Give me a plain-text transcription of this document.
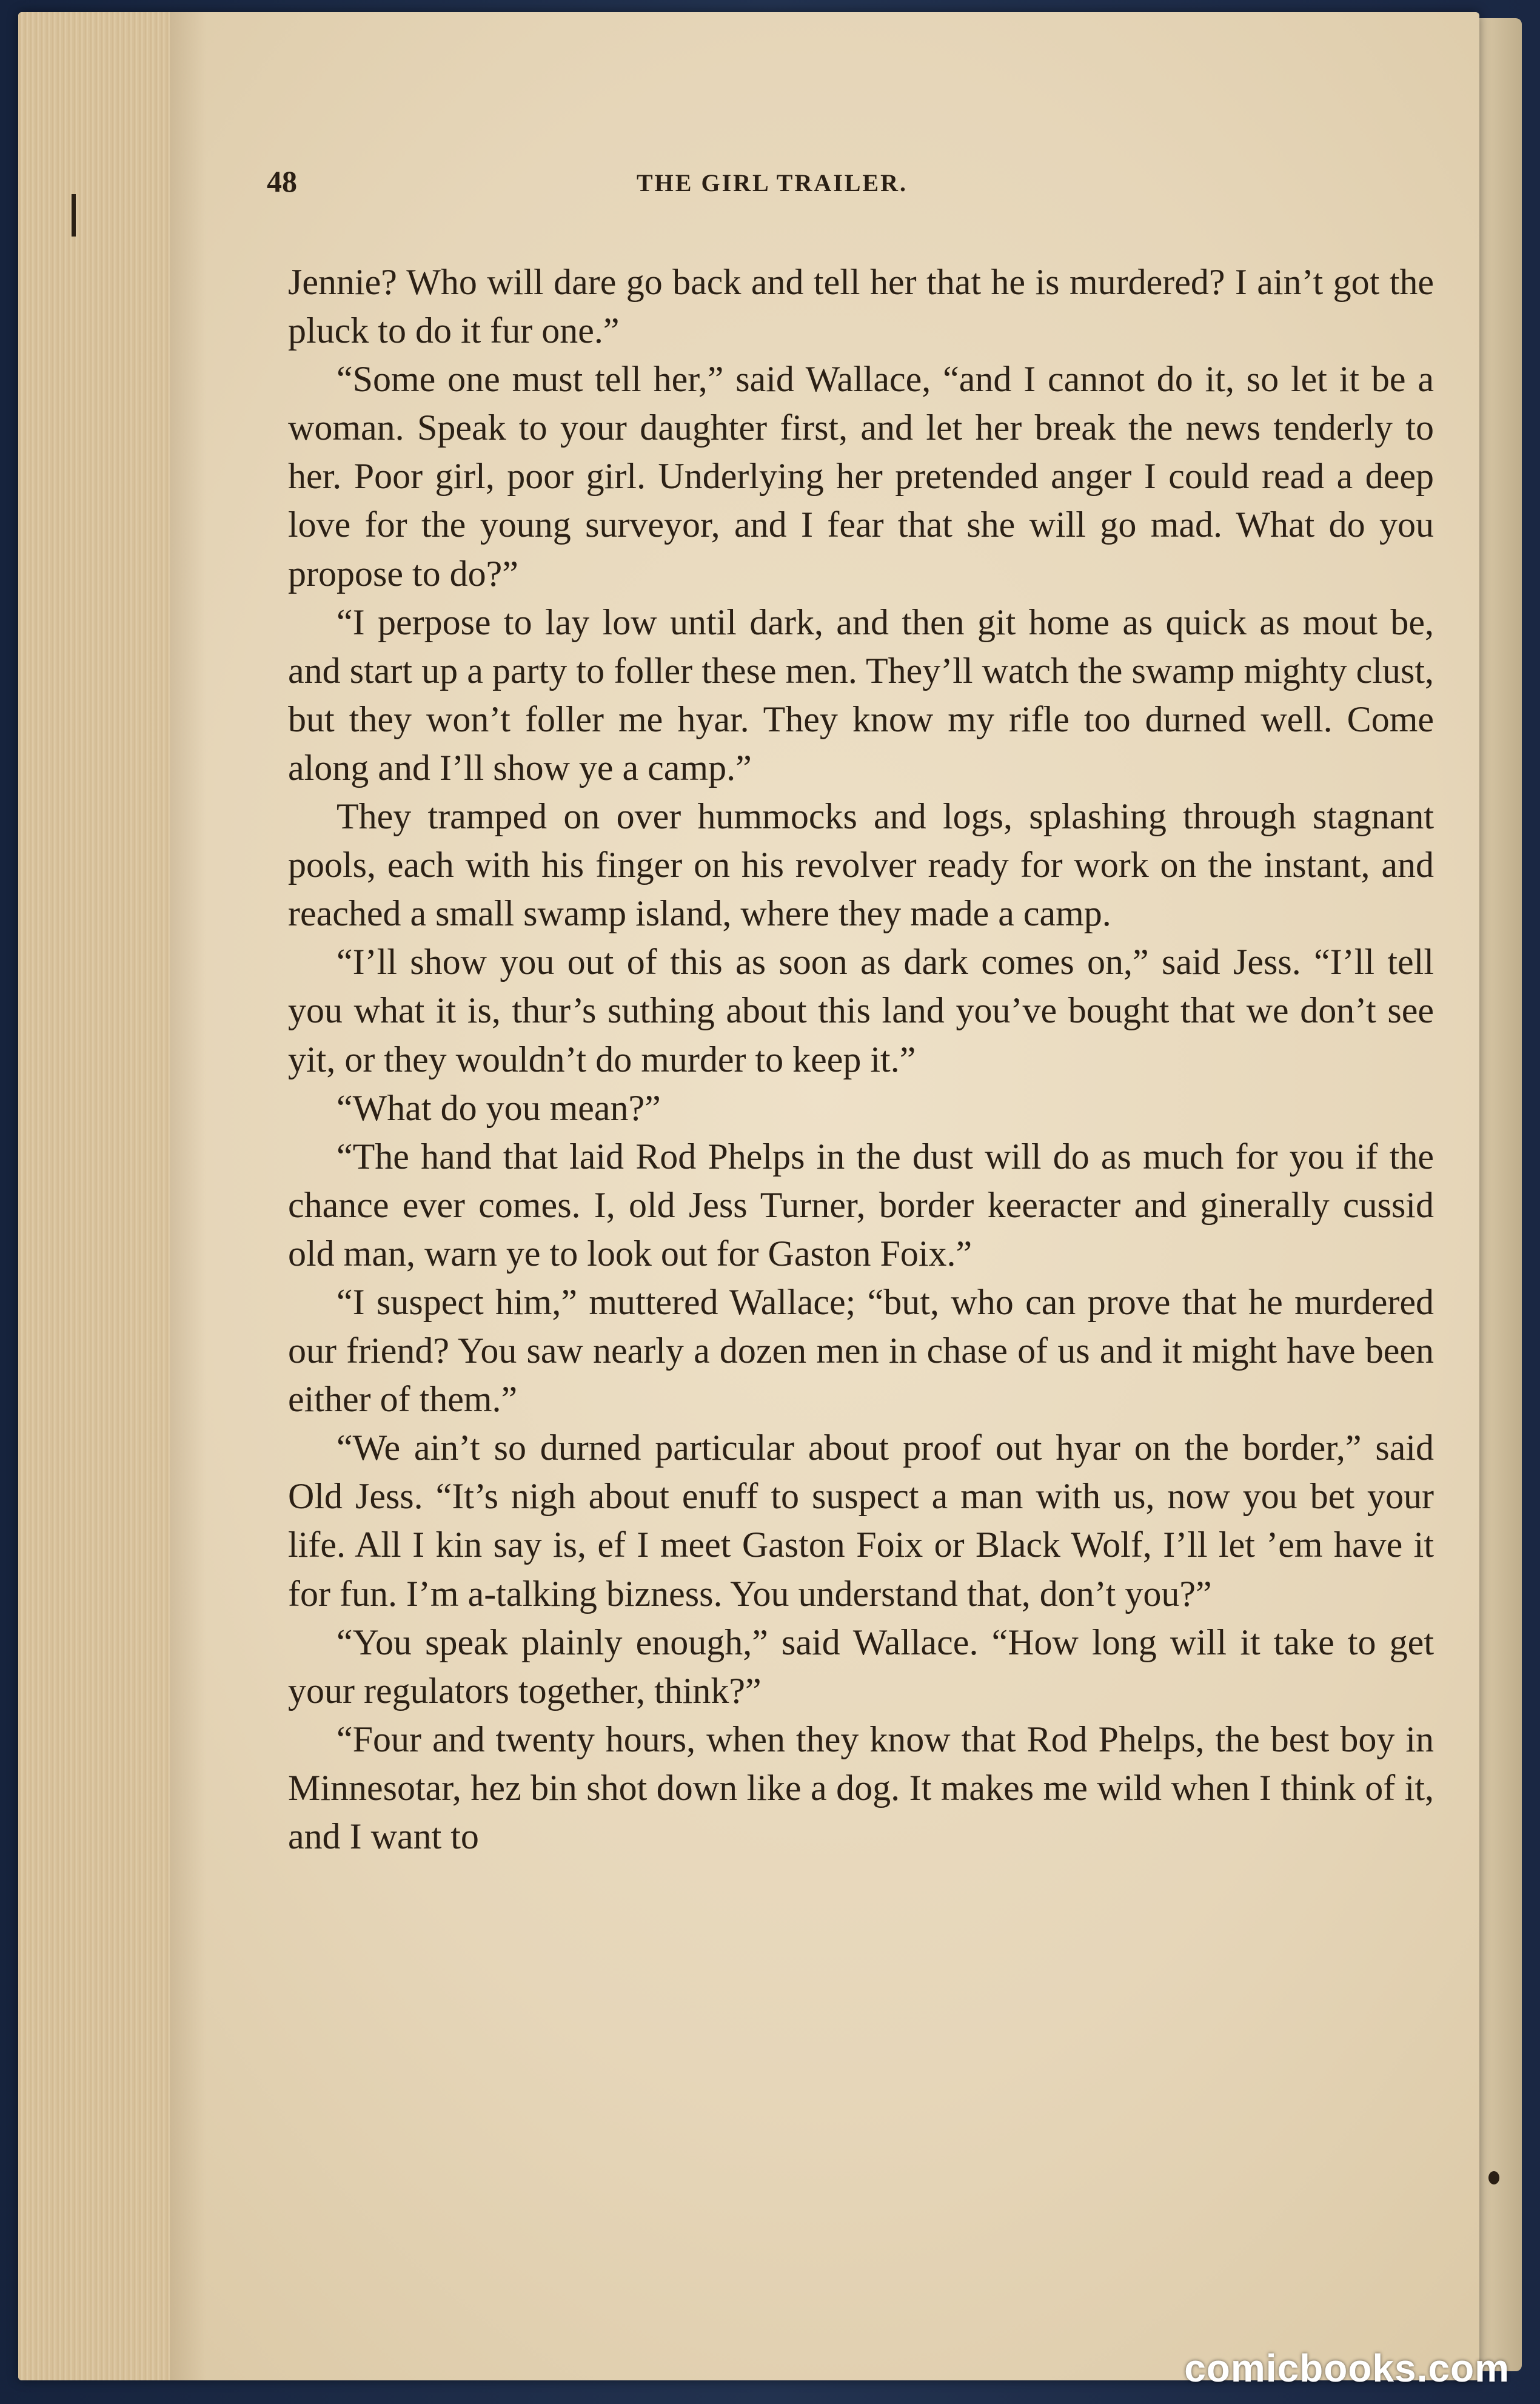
48	THE GIRL TRAILER.

Jennie? Who will dare go back and tell her that he is murdered? I ain’t got the pluck to do it fur one.”

“Some one must tell her,” said Wallace, “and I cannot do it, so let it be a woman. Speak to your daughter first, and let her break the news tenderly to her. Poor girl, poor girl. Underlying her pretended anger I could read a deep love for the young surveyor, and I fear that she will go mad. What do you propose to do?”

“I perpose to lay low until dark, and then git home as quick as mout be, and start up a party to foller these men. They’ll watch the swamp mighty clust, but they won’t foller me hyar. They know my rifle too durned well. Come along and I’ll show ye a camp.”

They tramped on over hummocks and logs, splashing through stagnant pools, each with his finger on his revolver ready for work on the instant, and reached a small swamp island, where they made a camp.

“I’ll show you out of this as soon as dark comes on,” said Jess. “I’ll tell you what it is, thur’s suthing about this land you’ve bought that we don’t see yit, or they wouldn’t do murder to keep it.”

“What do you mean?”

“The hand that laid Rod Phelps in the dust will do as much for you if the chance ever comes. I, old Jess Turner, border keeracter and ginerally cussid old man, warn ye to look out for Gaston Foix.”

“I suspect him,” muttered Wallace; “but, who can prove that he murdered our friend? You saw nearly a dozen men in chase of us and it might have been either of them.”

“We ain’t so durned particular about proof out hyar on the border,” said Old Jess. “It’s nigh about enuff to suspect a man with us, now you bet your life. All I kin say is, ef I meet Gaston Foix or Black Wolf, I’ll let ’em have it for fun. I’m a-talking bizness. You understand that, don’t you?”

“You speak plainly enough,” said Wallace. “How long will it take to get your regulators together, think?”

“Four and twenty hours, when they know that Rod Phelps, the best boy in Minnesotar, hez bin shot down like a dog. It makes me wild when I think of it, and I want to

comicbooks.com
